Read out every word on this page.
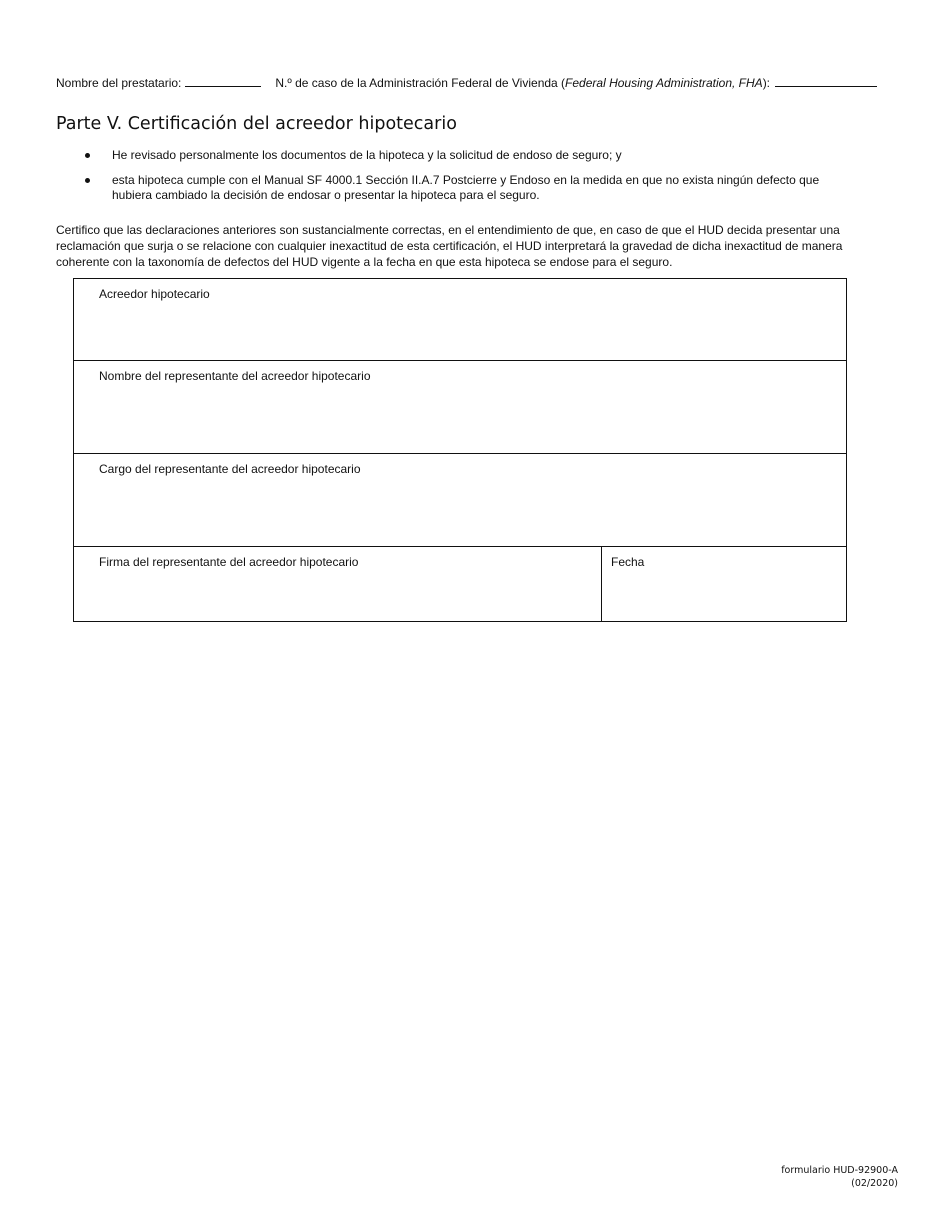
Nombre del prestatario:	N.º de caso de la Administración Federal de Vivienda (Federal Housing Administration, FHA):
Parte V. Certificación del acreedor hipotecario
He revisado personalmente los documentos de la hipoteca y la solicitud de endoso de seguro; y
esta hipoteca cumple con el Manual SF 4000.1 Sección II.A.7 Postcierre y Endoso en la medida en que no exista ningún defecto que hubiera cambiado la decisión de endosar o presentar la hipoteca para el seguro.

Certifico que las declaraciones anteriores son sustancialmente correctas, en el entendimiento de que, en caso de que el HUD decida presentar una reclamación que surja o se relacione con cualquier inexactitud de esta certificación, el HUD interpretará la gravedad de dicha inexactitud de manera coherente con la taxonomía de defectos del HUD vigente a la fecha en que esta hipoteca se endose para el seguro.

Acreedor hipotecario
Nombre del representante del acreedor hipotecario
Cargo del representante del acreedor hipotecario
Firma del representante del acreedor hipotecario	Fecha
formulario HUD-92900-A
(02/2020)
